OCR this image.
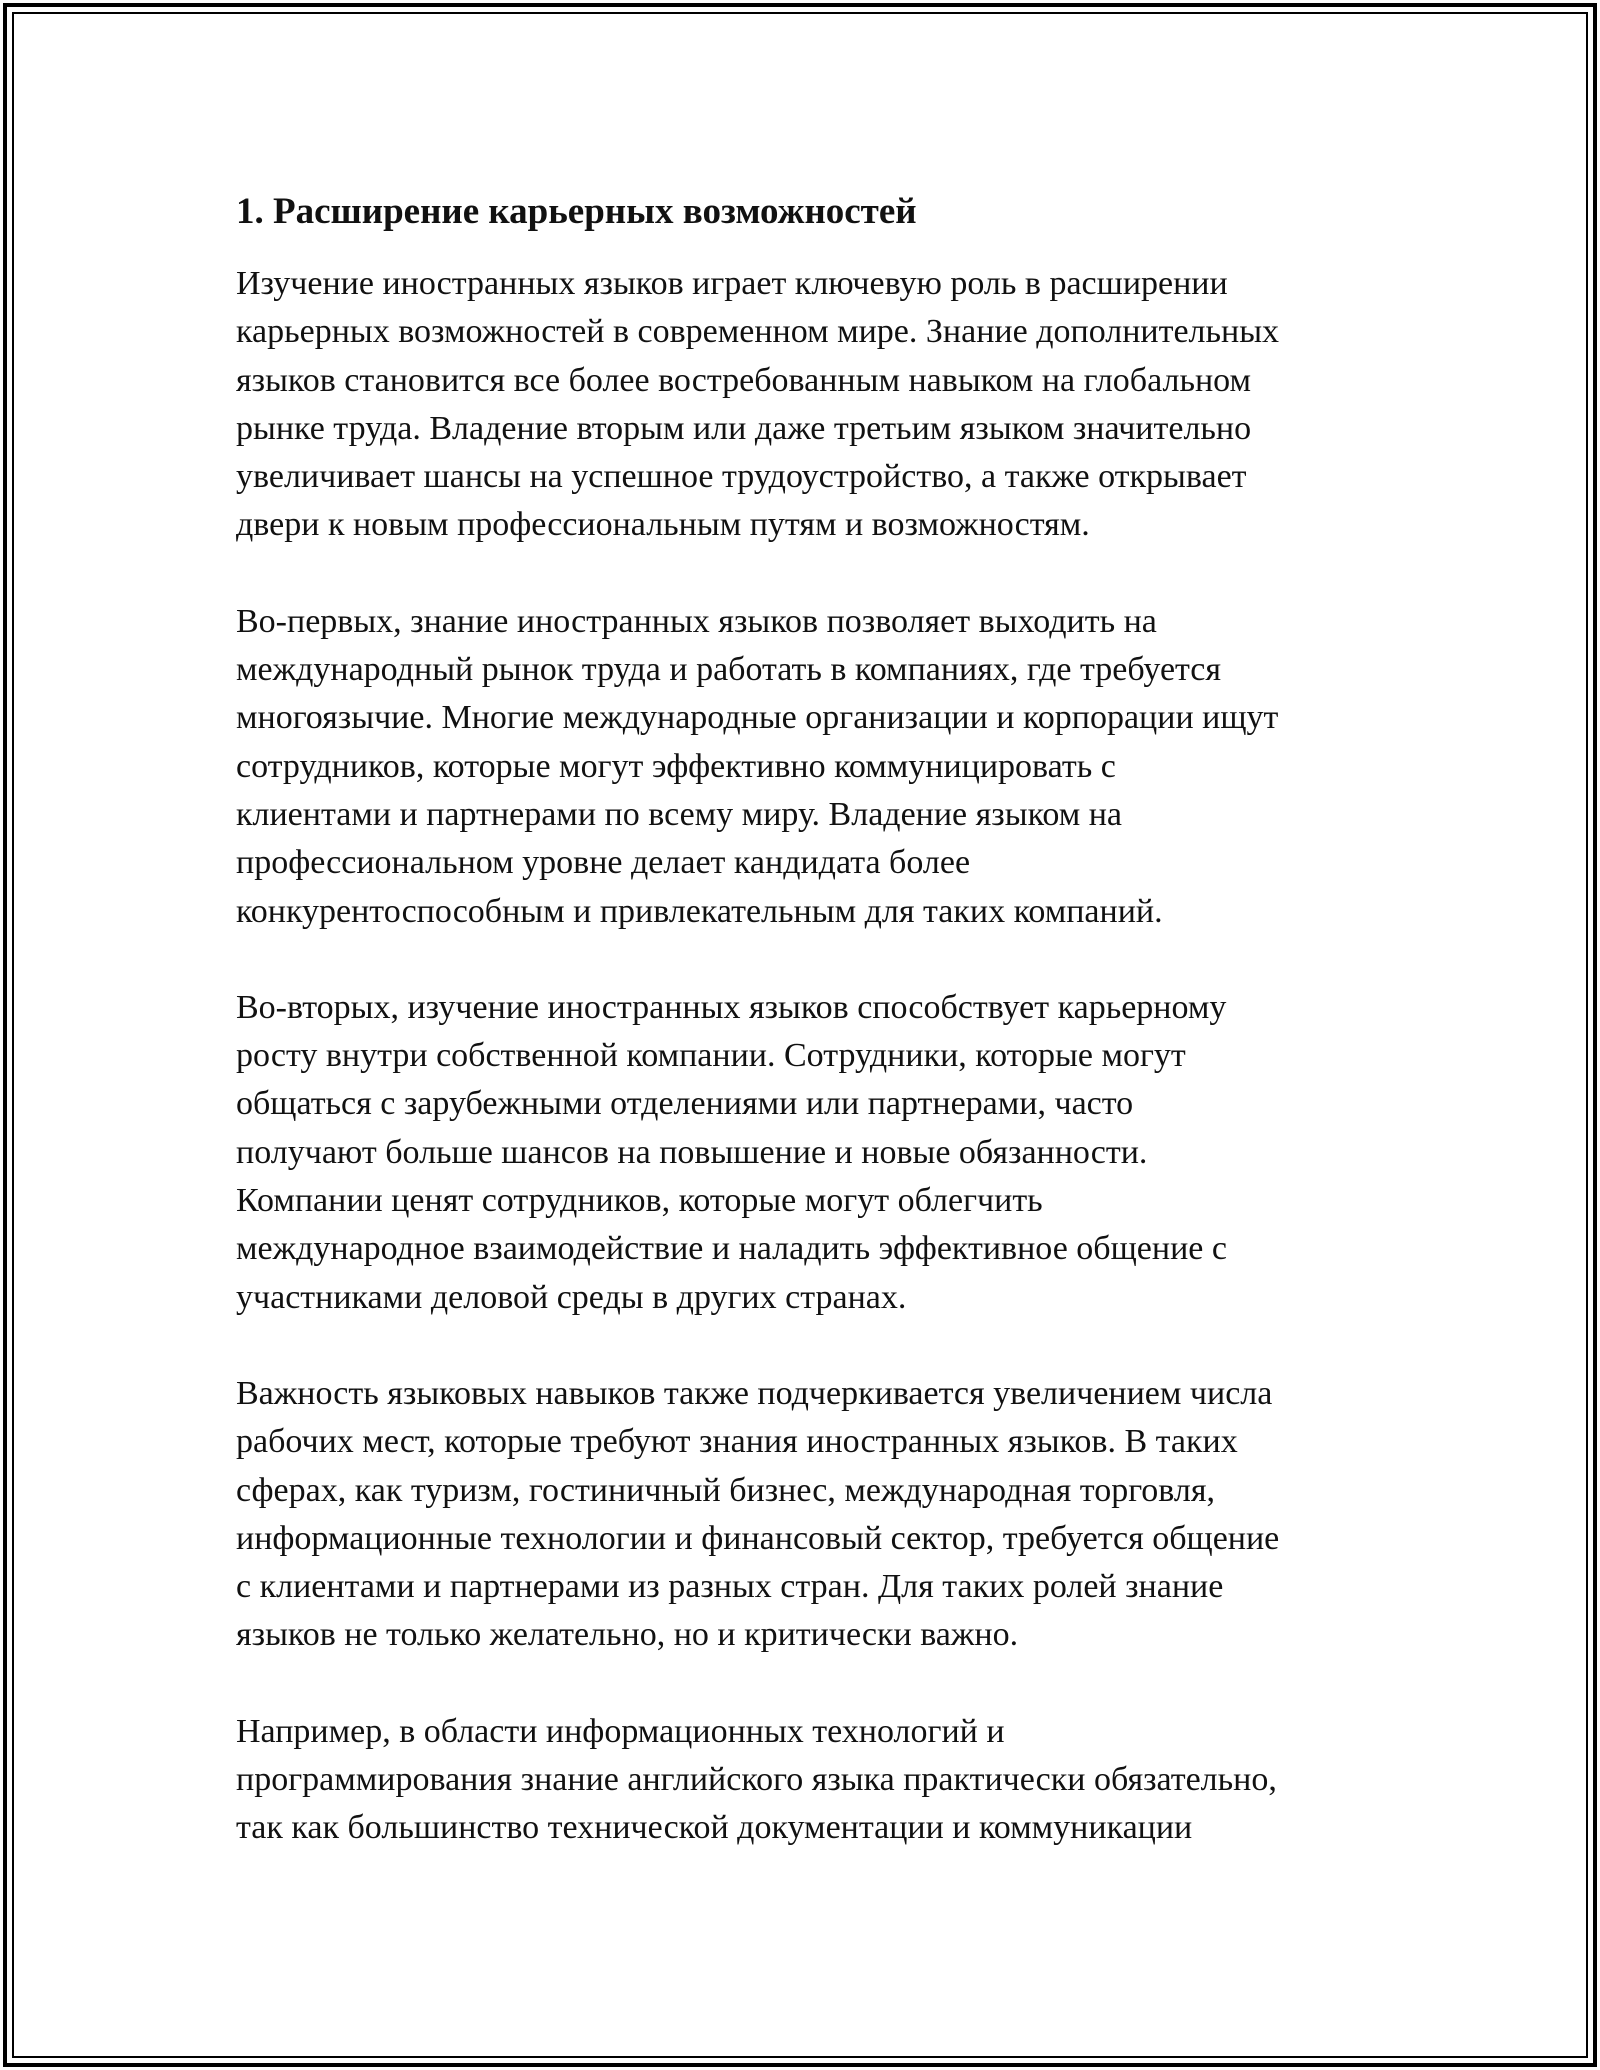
1. Расширение карьерных возможностей

Изучение иностранных языков играет ключевую роль в расширении
карьерных возможностей в современном мире. Знание дополнительных
языков становится все более востребованным навыком на глобальном
рынке труда. Владение вторым или даже третьим языком значительно
увеличивает шансы на успешное трудоустройство, а также открывает
двери к новым профессиональным путям и возможностям.

Во-первых, знание иностранных языков позволяет выходить на
международный рынок труда и работать в компаниях, где требуется
многоязычие. Многие международные организации и корпорации ищут
сотрудников, которые могут эффективно коммуницировать с
клиентами и партнерами по всему миру. Владение языком на
профессиональном уровне делает кандидата более
конкурентоспособным и привлекательным для таких компаний.

Во-вторых, изучение иностранных языков способствует карьерному
росту внутри собственной компании. Сотрудники, которые могут
общаться с зарубежными отделениями или партнерами, часто
получают больше шансов на повышение и новые обязанности.
Компании ценят сотрудников, которые могут облегчить
международное взаимодействие и наладить эффективное общение с
участниками деловой среды в других странах.

Важность языковых навыков также подчеркивается увеличением числа
рабочих мест, которые требуют знания иностранных языков. В таких
сферах, как туризм, гостиничный бизнес, международная торговля,
информационные технологии и финансовый сектор, требуется общение
с клиентами и партнерами из разных стран. Для таких ролей знание
языков не только желательно, но и критически важно.

Например, в области информационных технологий и
программирования знание английского языка практически обязательно,
так как большинство технической документации и коммуникации
